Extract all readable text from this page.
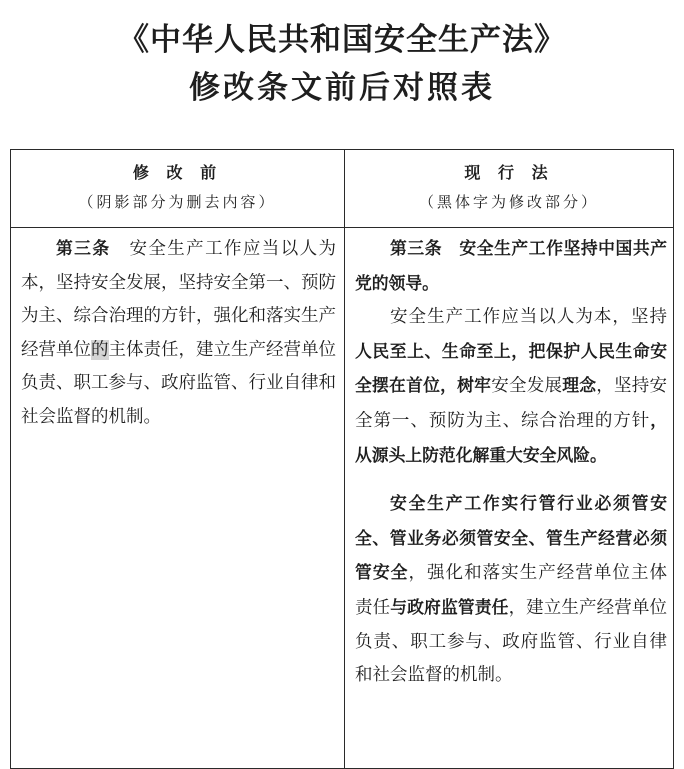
《中华人民共和国安全生产法》
修改条文前后对照表
修 改 前
（阴影部分为删去内容）
现 行 法
（黑体字为修改部分）

第三条　安全生产工作应当以人为本，坚持安全发展，坚持安全第一、预防为主、综合治理的方针，强化和落实生产经营单位的主体责任，建立生产经营单位负责、职工参与、政府监管、行业自律和社会监督的机制。

第三条　安全生产工作坚持中国共产党的领导。

安全生产工作应当以人为本，坚持人民至上、生命至上，把保护人民生命安全摆在首位，树牢安全发展理念，坚持安全第一、预防为主、综合治理的方针，从源头上防范化解重大安全风险。

安全生产工作实行管行业必须管安全、管业务必须管安全、管生产经营必须管安全，强化和落实生产经营单位主体责任与政府监管责任，建立生产经营单位负责、职工参与、政府监管、行业自律和社会监督的机制。
